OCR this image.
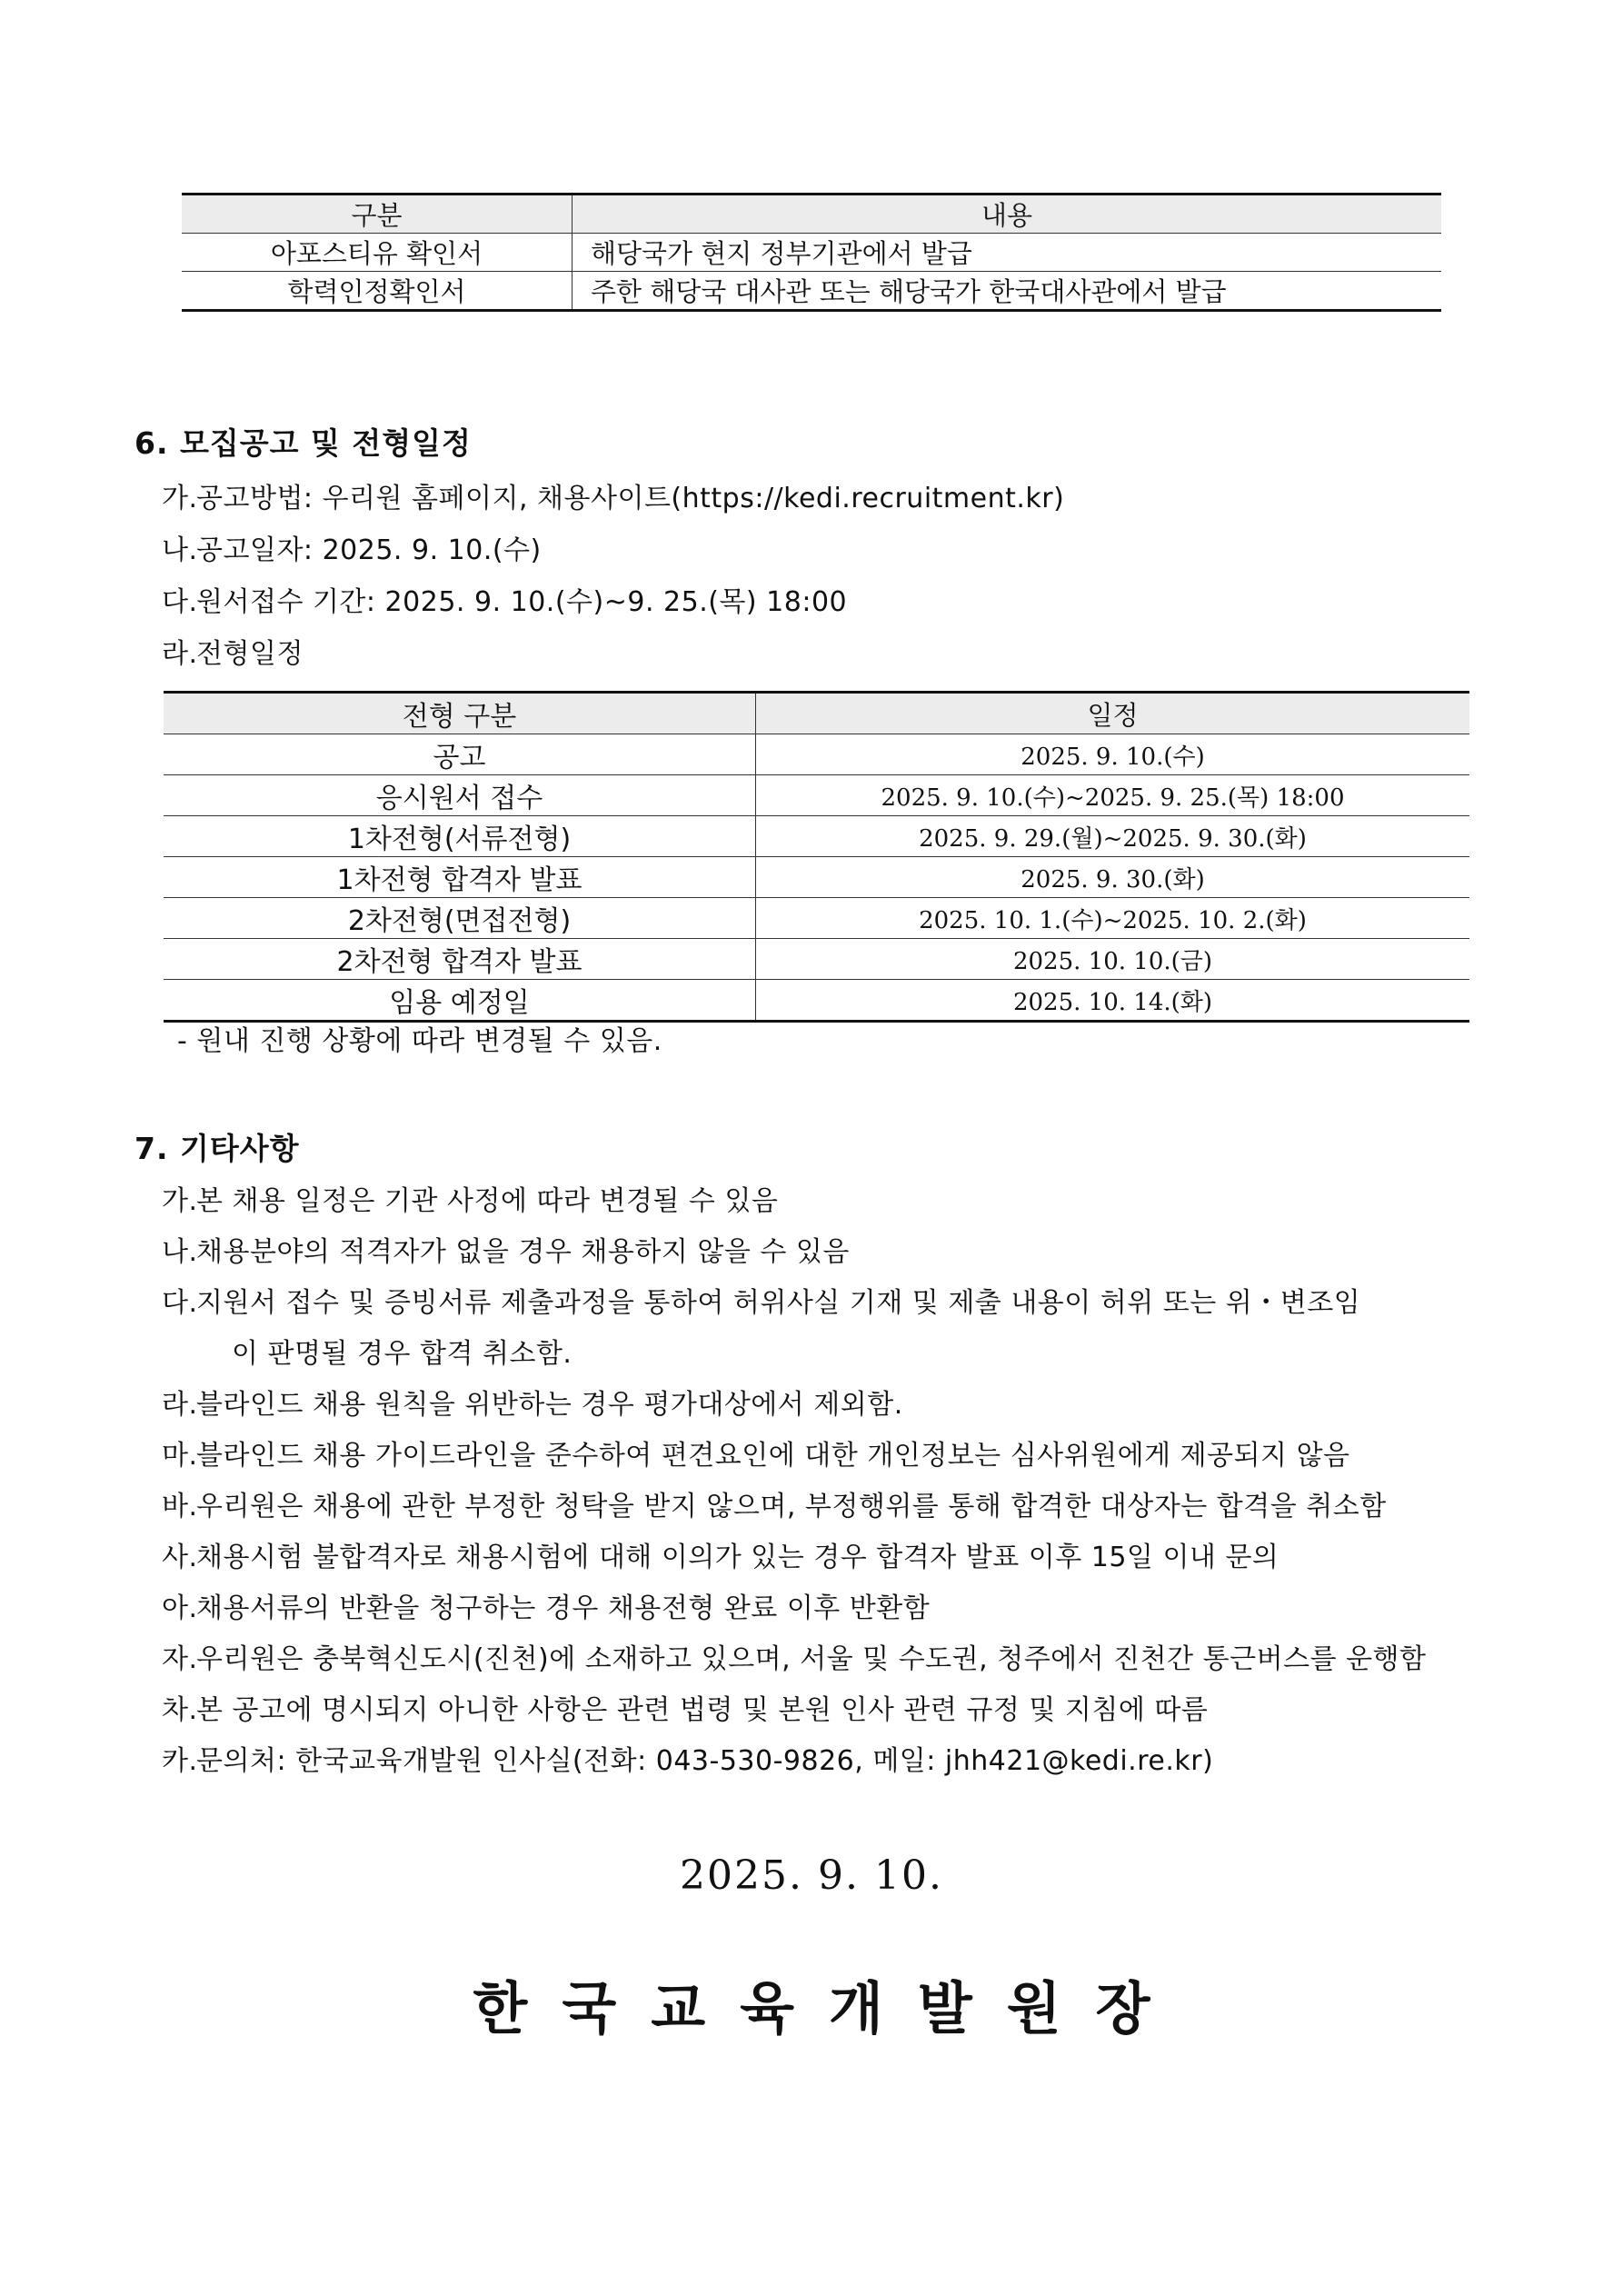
구분	내용
아포스티유 확인서	해당국가 현지 정부기관에서 발급
학력인정확인서	주한 해당국 대사관 또는 해당국가 한국대사관에서 발급
6. 모집공고 및 전형일정
가.공고방법: 우리원 홈페이지, 채용사이트(https://kedi.recruitment.kr)
나.공고일자: 2025. 9. 10.(수)
다.원서접수 기간: 2025. 9. 10.(수)~9. 25.(목) 18:00
라.전형일정
전형 구분	일정
공고	2025. 9. 10.(수)
응시원서 접수	2025. 9. 10.(수)~2025. 9. 25.(목) 18:00
1차전형(서류전형)	2025. 9. 29.(월)~2025. 9. 30.(화)
1차전형 합격자 발표	2025. 9. 30.(화)
2차전형(면접전형)	2025. 10. 1.(수)~2025. 10. 2.(화)
2차전형 합격자 발표	2025. 10. 10.(금)
임용 예정일	2025. 10. 14.(화)
- 원내 진행 상황에 따라 변경될 수 있음.
7. 기타사항
가.본 채용 일정은 기관 사정에 따라 변경될 수 있음
나.채용분야의 적격자가 없을 경우 채용하지 않을 수 있음
다.지원서 접수 및 증빙서류 제출과정을 통하여 허위사실 기재 및 제출 내용이 허위 또는 위・변조임
이 판명될 경우 합격 취소함.
라.블라인드 채용 원칙을 위반하는 경우 평가대상에서 제외함.
마.블라인드 채용 가이드라인을 준수하여 편견요인에 대한 개인정보는 심사위원에게 제공되지 않음
바.우리원은 채용에 관한 부정한 청탁을 받지 않으며, 부정행위를 통해 합격한 대상자는 합격을 취소함
사.채용시험 불합격자로 채용시험에 대해 이의가 있는 경우 합격자 발표 이후 15일 이내 문의
아.채용서류의 반환을 청구하는 경우 채용전형 완료 이후 반환함
자.우리원은 충북혁신도시(진천)에 소재하고 있으며, 서울 및 수도권, 청주에서 진천간 통근버스를 운행함
차.본 공고에 명시되지 아니한 사항은 관련 법령 및 본원 인사 관련 규정 및 지침에 따름
카.문의처: 한국교육개발원 인사실(전화: 043-530-9826, 메일: jhh421@kedi.re.kr)
2025. 9. 10.
한국교육개발원장
